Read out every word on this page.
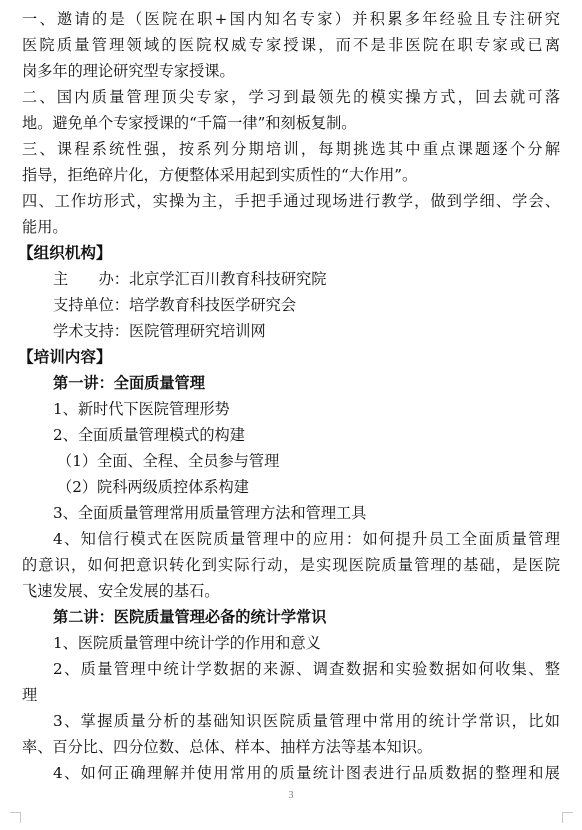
一、邀请的是（医院在职+国内知名专家）并积累多年经验且专注研究
医院质量管理领域的医院权威专家授课，而不是非医院在职专家或已离
岗多年的理论研究型专家授课。
二、国内质量管理顶尖专家，学习到最领先的模实操方式，回去就可落
地。避免单个专家授课的“千篇一律”和刻板复制。
三、课程系统性强，按系列分期培训，每期挑选其中重点课题逐个分解
指导，拒绝碎片化，方便整体采用起到实质性的“大作用”。
四、工作坊形式，实操为主，手把手通过现场进行教学，做到学细、学会、
能用。
【组织机构】
主　　办：北京学汇百川教育科技研究院
支持单位：培学教育科技医学研究会
学术支持：医院管理研究培训网
【培训内容】
第一讲：全面质量管理
1、新时代下医院管理形势
2、全面质量管理模式的构建
（1）全面、全程、全员参与管理
（2）院科两级质控体系构建
3、全面质量管理常用质量管理方法和管理工具
4、知信行模式在医院质量管理中的应用：如何提升员工全面质量管理
的意识，如何把意识转化到实际行动，是实现医院质量管理的基础，是医院
飞速发展、安全发展的基石。
第二讲：医院质量管理必备的统计学常识
1、医院质量管理中统计学的作用和意义
2、质量管理中统计学数据的来源、调查数据和实验数据如何收集、整
理
3、掌握质量分析的基础知识医院质量管理中常用的统计学常识，比如
率、百分比、四分位数、总体、样本、抽样方法等基本知识。
4、如何正确理解并使用常用的质量统计图表进行品质数据的整理和展
3
